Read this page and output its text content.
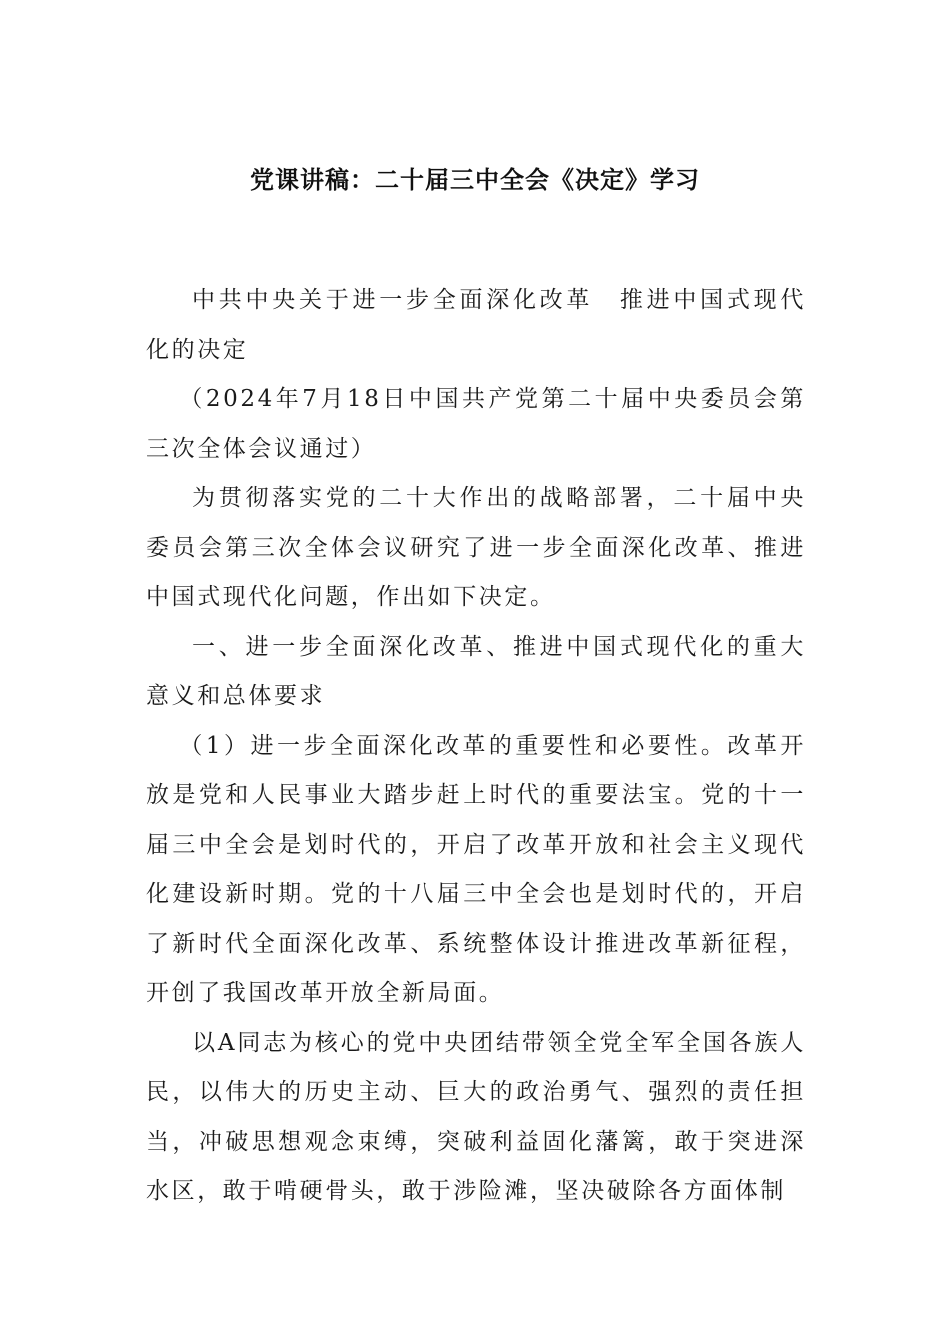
党课讲稿：二十届三中全会《决定》学习

中共中央关于进一步全面深化改革　推进中国式现代化的决定

（2024年7月18日中国共产党第二十届中央委员会第三次全体会议通过）

为贯彻落实党的二十大作出的战略部署，二十届中央委员会第三次全体会议研究了进一步全面深化改革、推进中国式现代化问题，作出如下决定。

一、进一步全面深化改革、推进中国式现代化的重大意义和总体要求

（1）进一步全面深化改革的重要性和必要性。改革开放是党和人民事业大踏步赶上时代的重要法宝。党的十一届三中全会是划时代的，开启了改革开放和社会主义现代化建设新时期。党的十八届三中全会也是划时代的，开启了新时代全面深化改革、系统整体设计推进改革新征程，开创了我国改革开放全新局面。

以A同志为核心的党中央团结带领全党全军全国各族人民，以伟大的历史主动、巨大的政治勇气、强烈的责任担当，冲破思想观念束缚，突破利益固化藩篱，敢于突进深水区，敢于啃硬骨头，敢于涉险滩，坚决破除各方面体制
